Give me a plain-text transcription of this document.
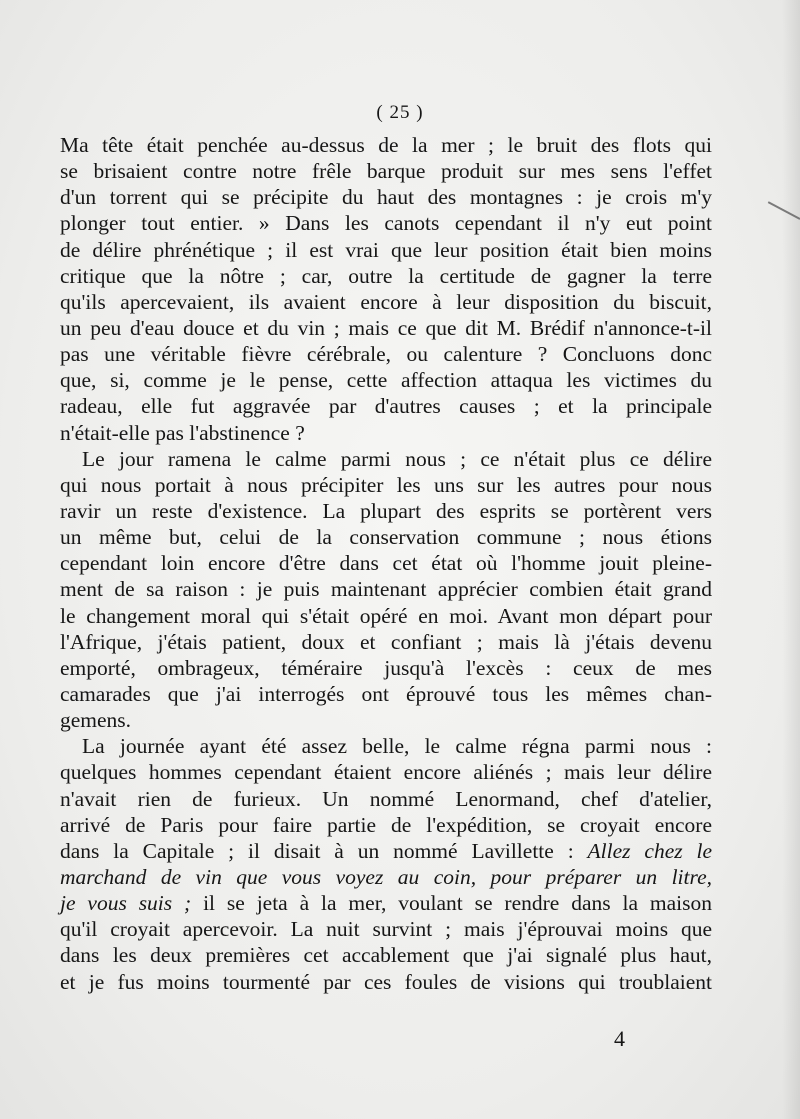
( 25 )
Ma tête était penchée au-dessus de la mer ; le bruit des flots qui
se brisaient contre notre frêle barque produit sur mes sens l'effet
d'un torrent qui se précipite du haut des montagnes : je crois m'y
plonger tout entier. » Dans les canots cependant il n'y eut point
de délire phrénétique ; il est vrai que leur position était bien moins
critique que la nôtre ; car, outre la certitude de gagner la terre
qu'ils apercevaient, ils avaient encore à leur disposition du biscuit,
un peu d'eau douce et du vin ; mais ce que dit M. Brédif n'annonce-t-il
pas une véritable fièvre cérébrale, ou calenture ? Concluons donc
que, si, comme je le pense, cette affection attaqua les victimes du
radeau, elle fut aggravée par d'autres causes ; et la principale
n'était-elle pas l'abstinence ?
Le jour ramena le calme parmi nous ; ce n'était plus ce délire
qui nous portait à nous précipiter les uns sur les autres pour nous
ravir un reste d'existence. La plupart des esprits se portèrent vers
un même but, celui de la conservation commune ; nous étions
cependant loin encore d'être dans cet état où l'homme jouit pleine-
ment de sa raison : je puis maintenant apprécier combien était grand
le changement moral qui s'était opéré en moi. Avant mon départ pour
l'Afrique, j'étais patient, doux et confiant ; mais là j'étais devenu
emporté, ombrageux, téméraire jusqu'à l'excès : ceux de mes
camarades que j'ai interrogés ont éprouvé tous les mêmes chan-
gemens.
La journée ayant été assez belle, le calme régna parmi nous :
quelques hommes cependant étaient encore aliénés ; mais leur délire
n'avait rien de furieux. Un nommé Lenormand, chef d'atelier,
arrivé de Paris pour faire partie de l'expédition, se croyait encore
dans la Capitale ; il disait à un nommé Lavillette : Allez chez le
marchand de vin que vous voyez au coin, pour préparer un litre,
je vous suis ; il se jeta à la mer, voulant se rendre dans la maison
qu'il croyait apercevoir. La nuit survint ; mais j'éprouvai moins que
dans les deux premières cet accablement que j'ai signalé plus haut,
et je fus moins tourmenté par ces foules de visions qui troublaient
4
